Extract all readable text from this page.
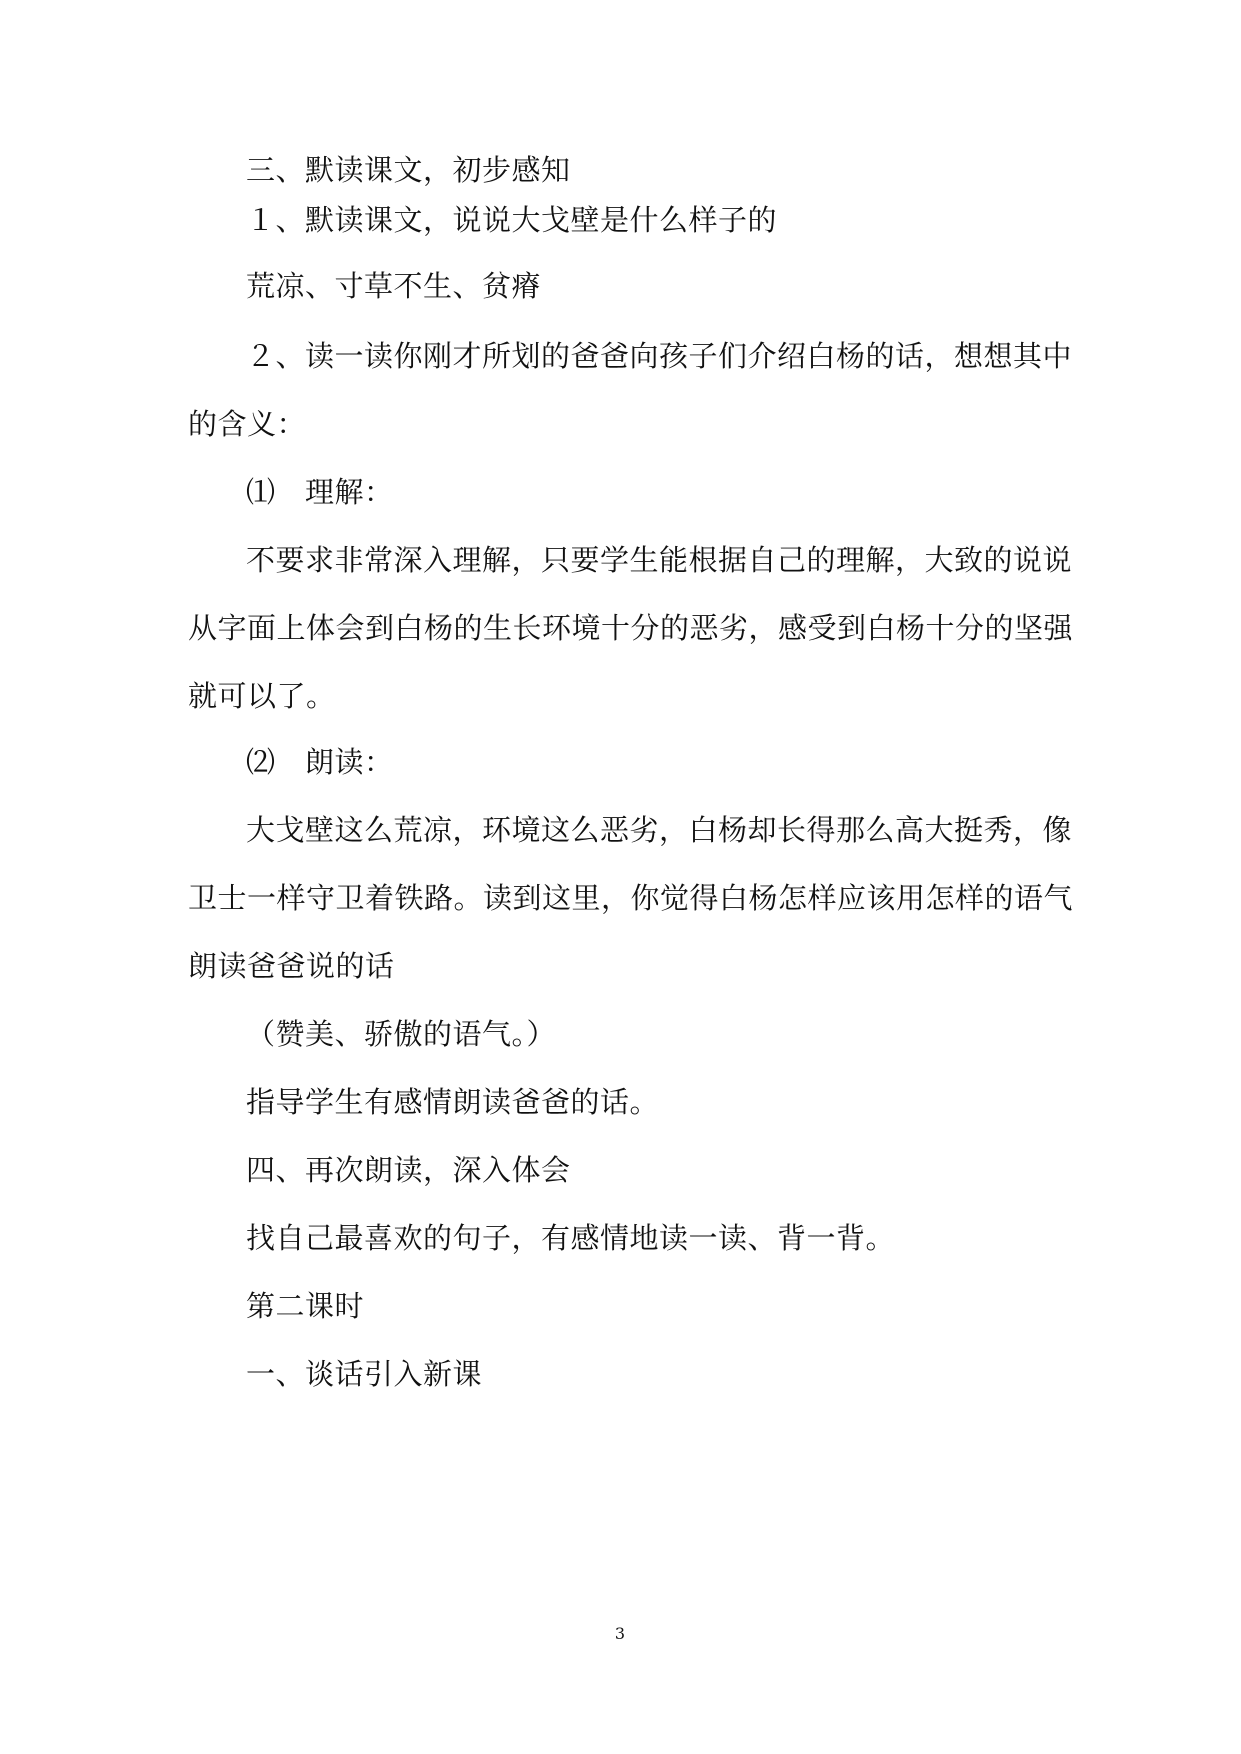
三、默读课文，初步感知
１、默读课文，说说大戈壁是什么样子的
荒凉、寸草不生、贫瘠
２、读一读你刚才所划的爸爸向孩子们介绍白杨的话，想想其中
的含义：
⑴　理解：
不要求非常深入理解，只要学生能根据自己的理解，大致的说说
从字面上体会到白杨的生长环境十分的恶劣，感受到白杨十分的坚强
就可以了。
⑵　朗读：
大戈壁这么荒凉，环境这么恶劣，白杨却长得那么高大挺秀，像
卫士一样守卫着铁路。读到这里，你觉得白杨怎样应该用怎样的语气
朗读爸爸说的话
（赞美、骄傲的语气。）
指导学生有感情朗读爸爸的话。
四、再次朗读，深入体会
找自己最喜欢的句子，有感情地读一读、背一背。
第二课时
一、谈话引入新课
3
